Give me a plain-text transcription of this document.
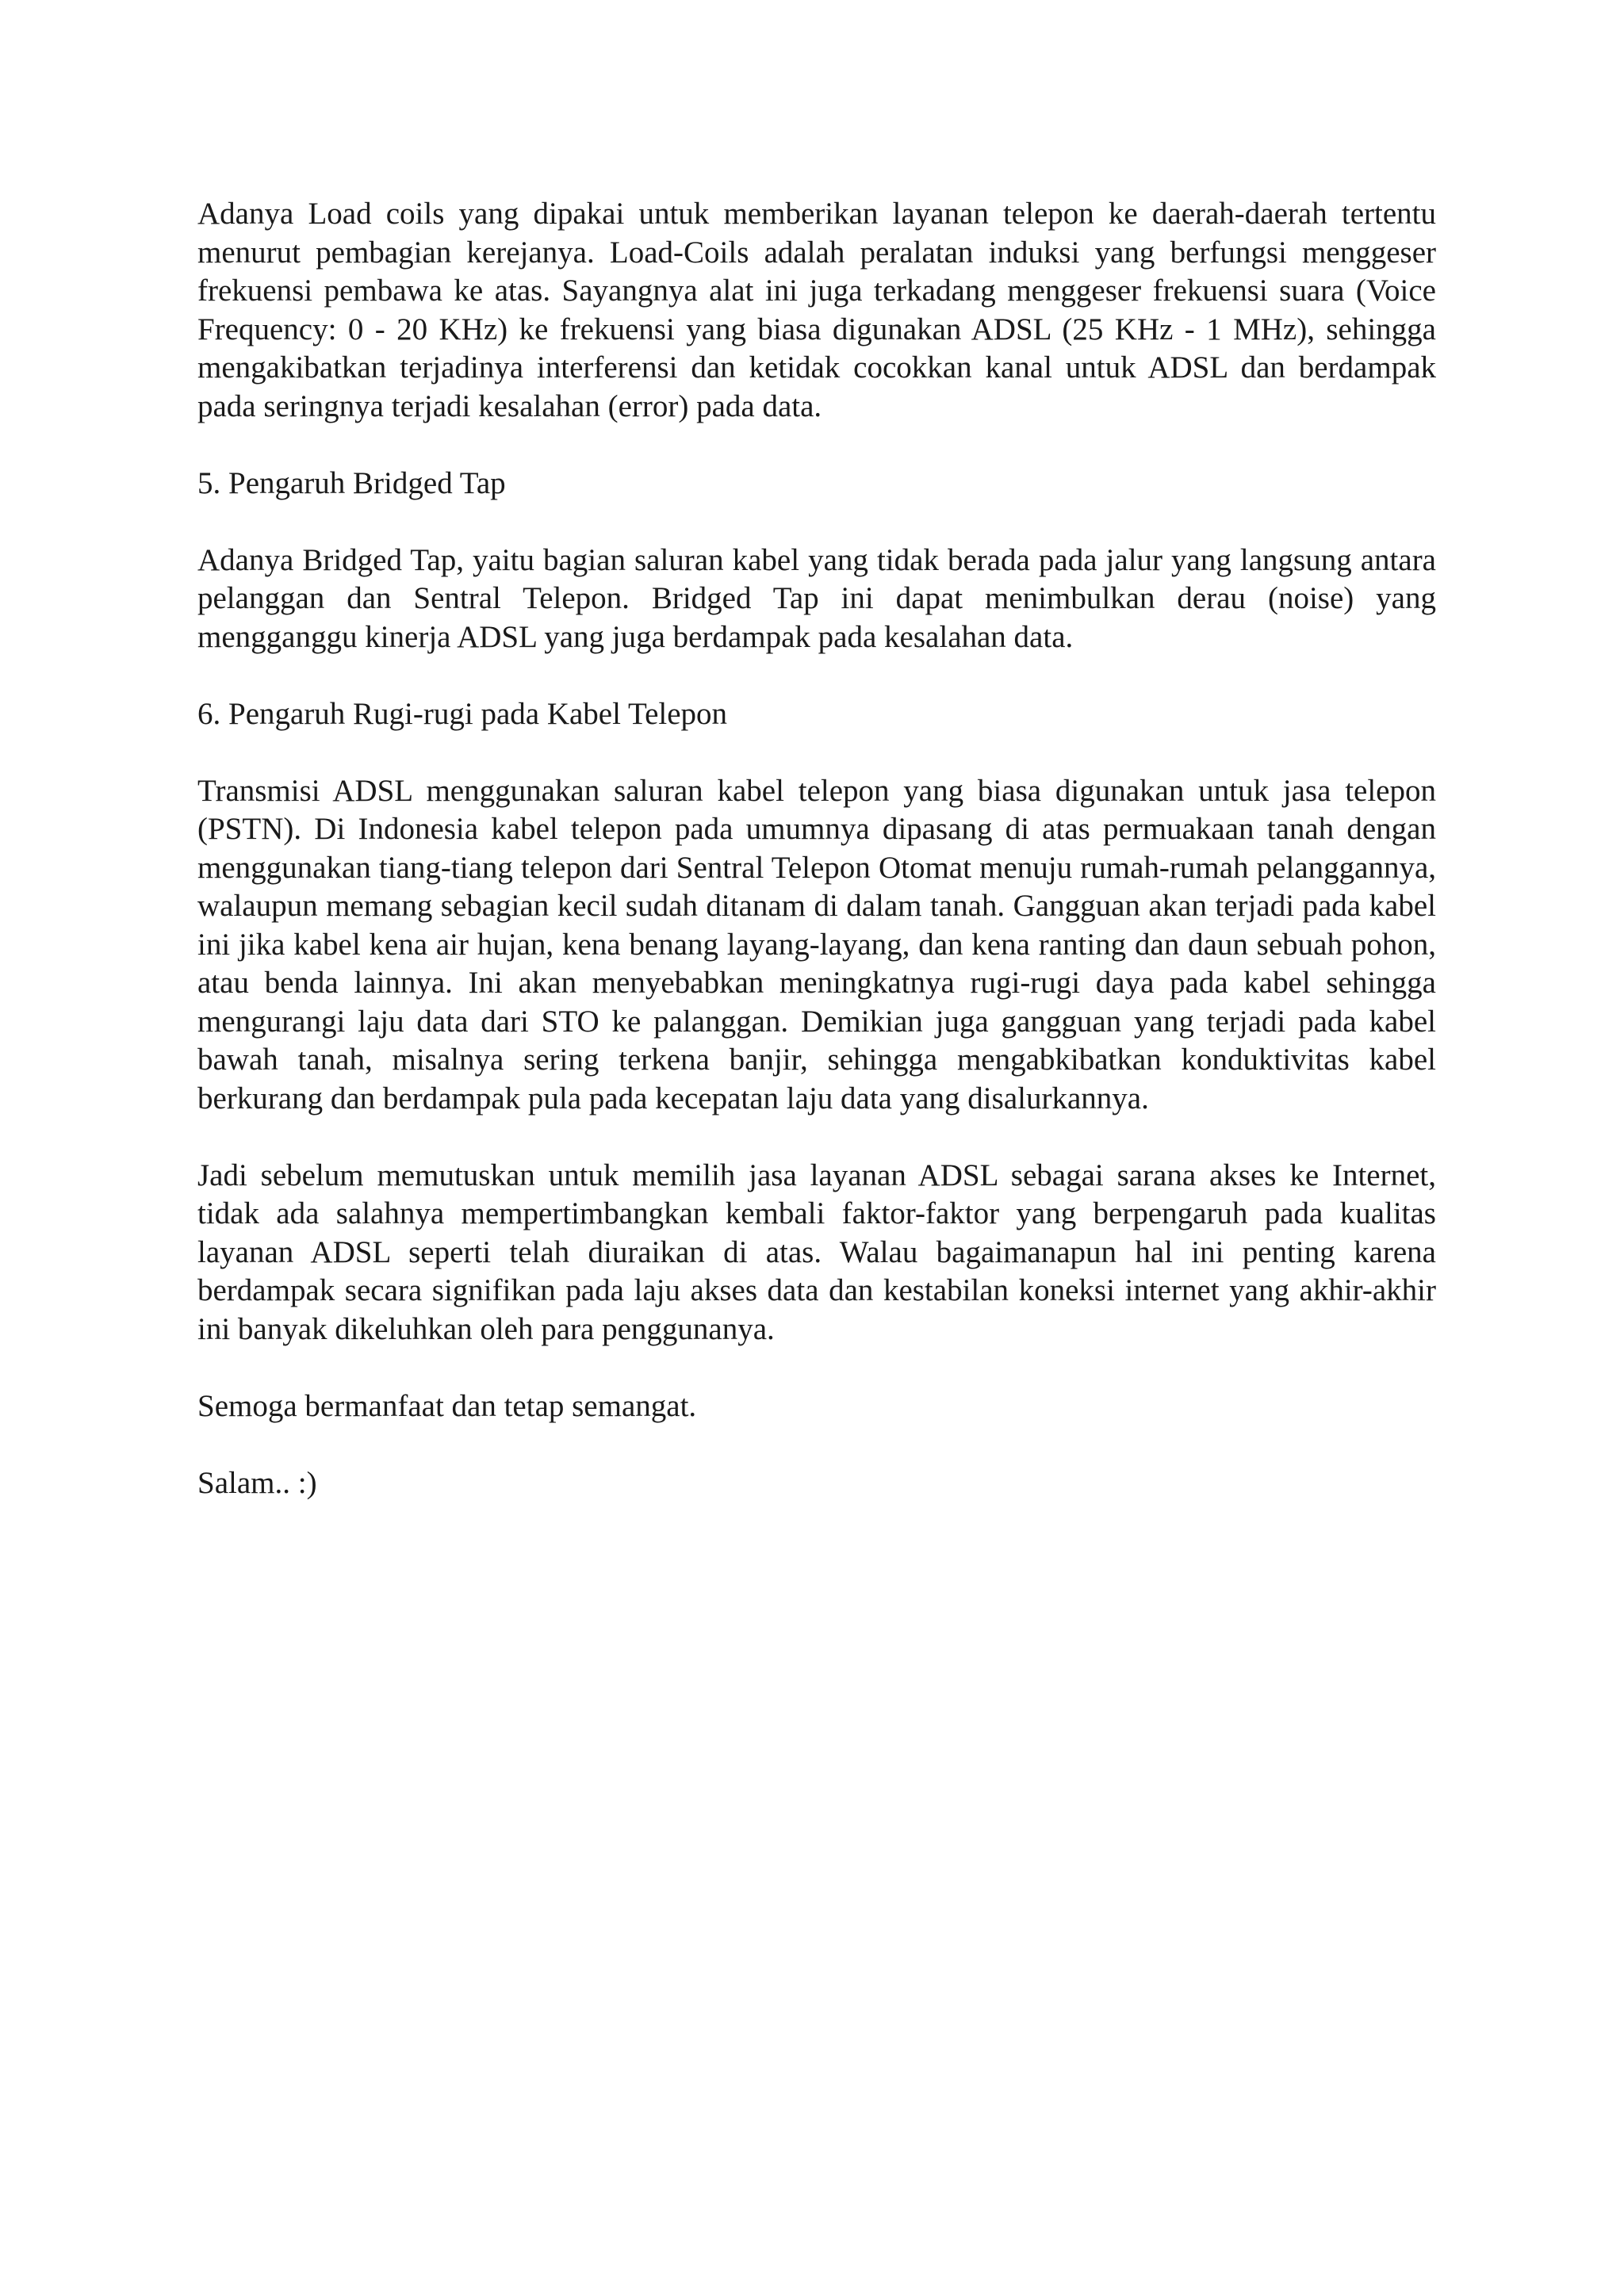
Adanya Load coils yang dipakai untuk memberikan layanan telepon ke daerah-daerah tertentu menurut pembagian kerejanya. Load-Coils adalah peralatan induksi yang berfungsi menggeser frekuensi pembawa ke atas. Sayangnya alat ini juga terkadang menggeser frekuensi suara (Voice Frequency: 0 - 20 KHz) ke frekuensi yang biasa digunakan ADSL (25 KHz - 1 MHz), sehingga mengakibatkan terjadinya interferensi dan ketidak cocokkan kanal untuk ADSL dan berdampak pada seringnya terjadi kesalahan (error) pada data.

5. Pengaruh Bridged Tap

Adanya Bridged Tap, yaitu bagian saluran kabel yang tidak berada pada jalur yang langsung antara pelanggan dan Sentral Telepon. Bridged Tap ini dapat menimbulkan derau (noise) yang mengganggu kinerja ADSL yang juga berdampak pada kesalahan data.

6. Pengaruh Rugi-rugi pada Kabel Telepon

Transmisi ADSL menggunakan saluran kabel telepon yang biasa digunakan untuk jasa telepon (PSTN). Di Indonesia kabel telepon pada umumnya dipasang di atas permuakaan tanah dengan menggunakan tiang-tiang telepon dari Sentral Telepon Otomat menuju rumah-rumah pelanggannya, walaupun memang sebagian kecil sudah ditanam di dalam tanah. Gangguan akan terjadi pada kabel ini jika kabel kena air hujan, kena benang layang-layang, dan kena ranting dan daun sebuah pohon, atau benda lainnya. Ini akan menyebabkan meningkatnya rugi-rugi daya pada kabel sehingga mengurangi laju data dari STO ke palanggan. Demikian juga gangguan yang terjadi pada kabel bawah tanah, misalnya sering terkena banjir, sehingga mengabkibatkan konduktivitas kabel berkurang dan berdampak pula pada kecepatan laju data yang disalurkannya.

Jadi sebelum memutuskan untuk memilih jasa layanan ADSL sebagai sarana akses ke Internet, tidak ada salahnya mempertimbangkan kembali faktor-faktor yang berpengaruh pada kualitas layanan ADSL seperti telah diuraikan di atas. Walau bagaimanapun hal ini penting karena berdampak secara signifikan pada laju akses data dan kestabilan koneksi internet yang akhir-akhir ini banyak dikeluhkan oleh para penggunanya.

Semoga bermanfaat dan tetap semangat.

Salam.. :)
